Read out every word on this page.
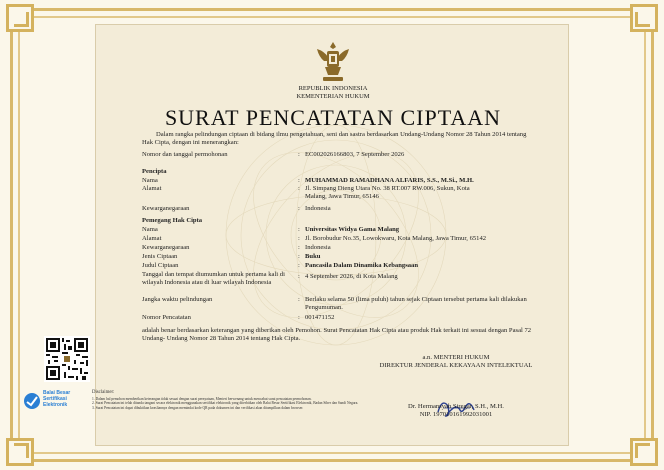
REPUBLIK INDONESIA
KEMENTERIAN HUKUM
SURAT PENCATATAN CIPTAAN
Dalam rangka pelindungan ciptaan di bidang ilmu pengetahuan, seni dan sastra berdasarkan Undang-Undang Nomor 28 Tahun 2014 tentang Hak Cipta, dengan ini menerangkan:
Nomor dan tanggal permohonan	: EC002026166803, 7 September 2026
Pencipta
Nama	: MUHAMMAD RAMADHANA ALFARIS, S.S., M.Si., M.H.
Alamat	: Jl. Simpang Dieng Utara No. 38 RT.007 RW.006, Sukun, Kota Malang, Jawa Timur, 65146
Kewarganegaraan	: Indonesia
Pemegang Hak Cipta
Nama	: Universitas Widya Gama Malang
Alamat	: Jl. Borobudur No.35, Lowokwaru, Kota Malang, Jawa Timur, 65142
Kewarganegaraan	: Indonesia
Jenis Ciptaan	: Buku
Judul Ciptaan	: Pancasila Dalam Dinamika Kebangsaan
Tanggal dan tempat diumumkan untuk pertama kali di wilayah Indonesia atau di luar wilayah Indonesia
: 4 September 2026, di Kota Malang
Jangka waktu pelindungan	: Berlaku selama 50 (lima puluh) tahun sejak Ciptaan tersebut pertama kali dilakukan Pengumuman.
Nomor Pencatatan	: 001471152
adalah benar berdasarkan keterangan yang diberikan oleh Pemohon. Surat Pencatatan Hak Cipta atau produk Hak terkait ini sesuai dengan Pasal 72 Undang- Undang Nomor 28 Tahun 2014 tentang Hak Cipta.
a.n. MENTERI HUKUM
DIREKTUR JENDERAL KEKAYAAN INTELEKTUAL
Dr. Hermansyah Siregar, S.H., M.H.
NIP. 197010161992031001
Balai Besar
Sertifikasi
Elektronik
Disclaimer:
1. Dalam hal pemohon memberikan keterangan tidak sesuai dengan surat pernyataan, Menteri berwenang untuk mencabut surat pencatatan permohonan.
2. Surat Pencatatan ini telah ditanda tangani secara elektronik menggunakan sertifikat elektronik yang diterbitkan oleh Balai Besar Sertifikasi Elektronik, Badan Siber dan Sandi Negara.
3. Surat Pencatatan ini dapat dibuktikan keasliannya dengan memindai kode QR pada dokumen ini dan verifikasi akan ditampilkan dalam browser.
